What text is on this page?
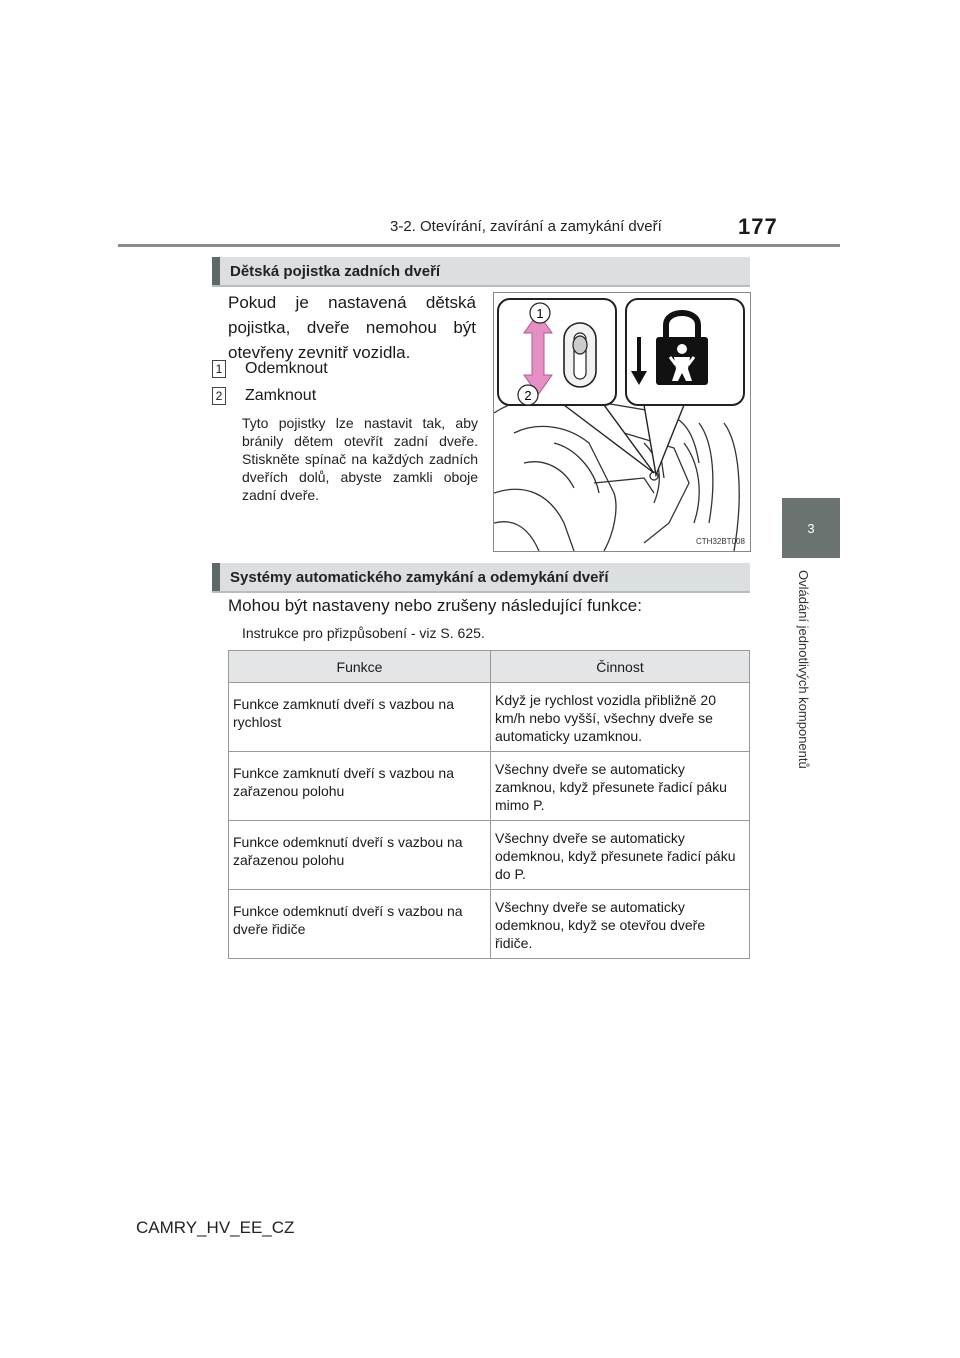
3-2. Otevírání, zavírání a zamykání dveří	177
3
Ovládání jednotlivých komponentů
Dětská pojistka zadních dveří
Pokud je nastavená dětská pojistka, dveře nemohou být otevřeny zevnitř vozidla.
1 Odemknout
2 Zamknout
Tyto pojistky lze nastavit tak, aby bránily dětem otevřít zadní dveře. Stiskněte spínač na každých zadních dveřích dolů, abyste zamkli oboje zadní dveře.
1
2
CTH32BT008
Systémy automatického zamykání a odemykání dveří
Mohou být nastaveny nebo zrušeny následující funkce:
Instrukce pro přizpůsobení - viz S. 625.
Funkce	Činnost
Funkce zamknutí dveří s vazbou na rychlost	Když je rychlost vozidla přibližně 20 km/h nebo vyšší, všechny dveře se automaticky uzamknou.
Funkce zamknutí dveří s vazbou na zařazenou polohu	Všechny dveře se automaticky zamknou, když přesunete řadicí páku mimo P.
Funkce odemknutí dveří s vazbou na zařazenou polohu	Všechny dveře se automaticky odemknou, když přesunete řadicí páku do P.
Funkce odemknutí dveří s vazbou na dveře řidiče	Všechny dveře se automaticky odemknou, když se otevřou dveře řidiče.
CAMRY_HV_EE_CZ
